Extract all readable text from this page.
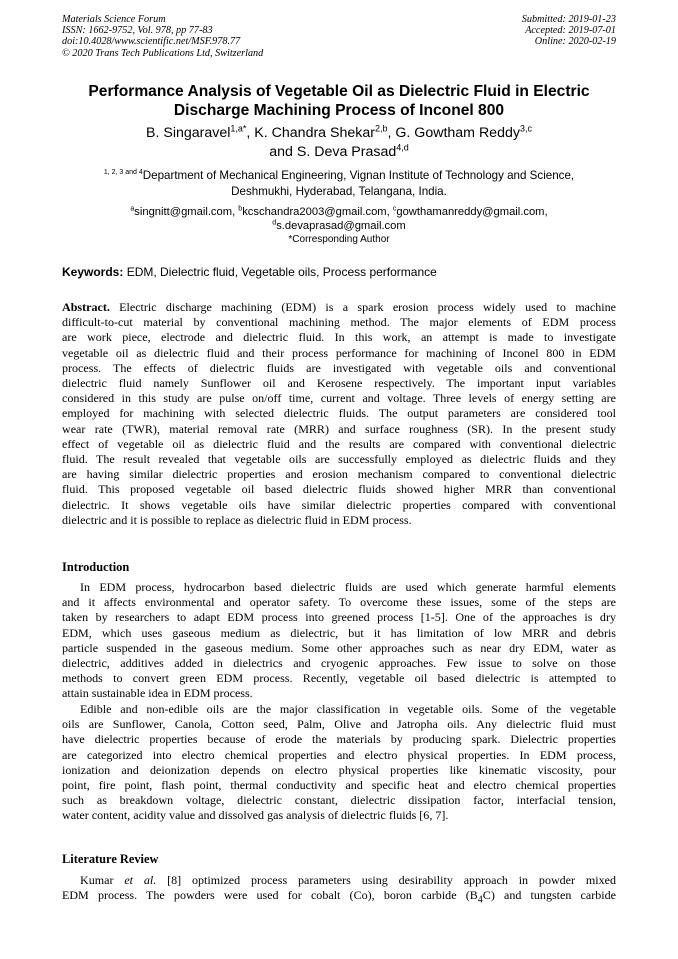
Materials Science Forum
ISSN: 1662-9752, Vol. 978, pp 77-83
doi:10.4028/www.scientific.net/MSF.978.77
© 2020 Trans Tech Publications Ltd, Switzerland
Submitted: 2019-01-23
Accepted: 2019-07-01
Online: 2020-02-19
Performance Analysis of Vegetable Oil as Dielectric Fluid in Electric
Discharge Machining Process of Inconel 800
B. Singaravel$^{1,a*}$, K. Chandra Shekar$^{2,b}$, G. Gowtham Reddy$^{3,c}$
and S. Deva Prasad$^{4,d}$
$^{1, 2, 3 and 4}$Department of Mechanical Engineering, Vignan Institute of Technology and Science,
Deshmukhi, Hyderabad, Telangana, India.
$^a$singnitt@gmail.com, $^b$kcschandra2003@gmail.com, $^c$gowthamanreddy@gmail.com,
$^d$s.devaprasad@gmail.com
*Corresponding Author
Keywords: EDM, Dielectric fluid, Vegetable oils, Process performance
Abstract. Electric discharge machining (EDM) is a spark erosion process widely used to machine
difficult-to-cut material by conventional machining method. The major elements of EDM process
are work piece, electrode and dielectric fluid. In this work, an attempt is made to investigate
vegetable oil as dielectric fluid and their process performance for machining of Inconel 800 in EDM
process. The effects of dielectric fluids are investigated with vegetable oils and conventional
dielectric fluid namely Sunflower oil and Kerosene respectively. The important input variables
considered in this study are pulse on/off time, current and voltage. Three levels of energy setting are
employed for machining with selected dielectric fluids. The output parameters are considered tool
wear rate (TWR), material removal rate (MRR) and surface roughness (SR). In the present study
effect of vegetable oil as dielectric fluid and the results are compared with conventional dielectric
fluid. The result revealed that vegetable oils are successfully employed as dielectric fluids and they
are having similar dielectric properties and erosion mechanism compared to conventional dielectric
fluid. This proposed vegetable oil based dielectric fluids showed higher MRR than conventional
dielectric. It shows vegetable oils have similar dielectric properties compared with conventional
dielectric and it is possible to replace as dielectric fluid in EDM process.
Introduction
In EDM process, hydrocarbon based dielectric fluids are used which generate harmful elements
and it affects environmental and operator safety. To overcome these issues, some of the steps are
taken by researchers to adapt EDM process into greened process [1-5]. One of the approaches is dry
EDM, which uses gaseous medium as dielectric, but it has limitation of low MRR and debris
particle suspended in the gaseous medium. Some other approaches such as near dry EDM, water as
dielectric, additives added in dielectrics and cryogenic approaches. Few issue to solve on those
methods to convert green EDM process. Recently, vegetable oil based dielectric is attempted to
attain sustainable idea in EDM process.
Edible and non-edible oils are the major classification in vegetable oils. Some of the vegetable
oils are Sunflower, Canola, Cotton seed, Palm, Olive and Jatropha oils. Any dielectric fluid must
have dielectric properties because of erode the materials by producing spark. Dielectric properties
are categorized into electro chemical properties and electro physical properties. In EDM process,
ionization and deionization depends on electro physical properties like kinematic viscosity, pour
point, fire point, flash point, thermal conductivity and specific heat and electro chemical properties
such as breakdown voltage, dielectric constant, dielectric dissipation factor, interfacial tension,
water content, acidity value and dissolved gas analysis of dielectric fluids [6, 7].
Literature Review
Kumar et al. [8] optimized process parameters using desirability approach in powder mixed
EDM process. The powders were used for cobalt (Co), boron carbide $(B_4C)$ and tungsten carbide
